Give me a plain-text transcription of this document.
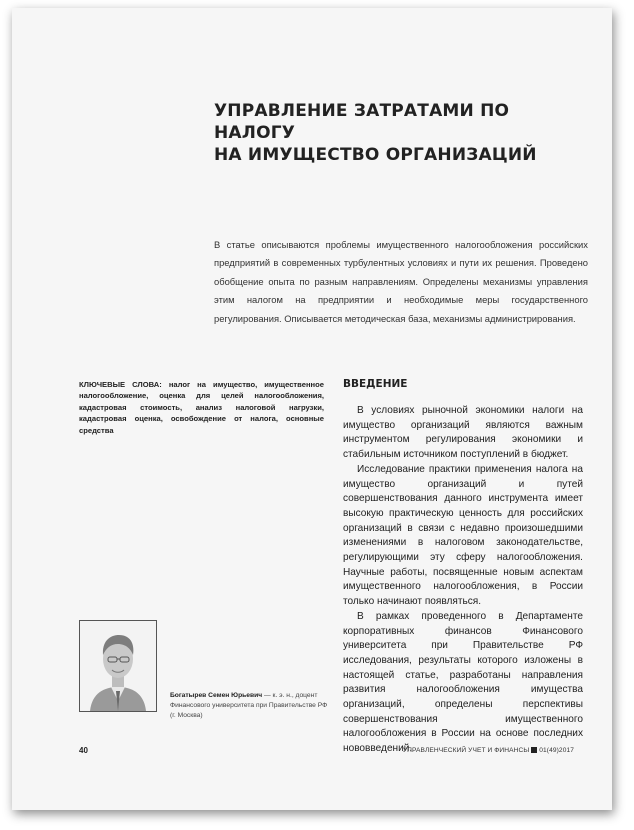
УПРАВЛЕНИЕ ЗАТРАТАМИ ПО НАЛОГУ
НА ИМУЩЕСТВО ОРГАНИЗАЦИЙ
В статье описываются проблемы имущественного налогообложения российских предприятий в современных турбулентных условиях и пути их решения. Проведено обобщение опыта по разным направлениям. Определены механизмы управления этим налогом на предприятии и необходимые меры государственного регулирования. Описывается методическая база, механизмы администрирования.
КЛЮЧЕВЫЕ СЛОВА: налог на имущество, имущественное налогообложение, оценка для целей налогообложения, кадастровая стоимость, анализ налоговой нагрузки, кадастровая оценка, освобождение от налога, основные средства
ВВЕДЕНИЕ

В условиях рыночной экономики налоги на имущество организаций являются важным инструментом регулирования экономики и стабильным источником поступлений в бюджет.

Исследование практики применения налога на имущество организаций и путей совершенствования данного инструмента имеет высокую практическую ценность для российских организаций в связи с недавно произошедшими изменениями в налоговом законодательстве, регулирующими эту сферу налогообложения. Научные работы, посвященные новым аспектам имущественного налогообложения, в России только начинают появляться.

В рамках проведенного в Департаменте корпоративных финансов Финансового университета при Правительстве РФ исследования, результаты которого изложены в настоящей статье, разработаны направления развития налогообложения имущества организаций, определены перспективы совершенствования имущественного налогообложения в России на основе последних нововведений.

Богатырев Семен Юрьевич — к. э. н., доцент Финансового университета при Правительстве РФ (г. Москва)
40	УПРАВЛЕНЧЕСКИЙ УЧЕТ И ФИНАНСЫ 01(49)2017
